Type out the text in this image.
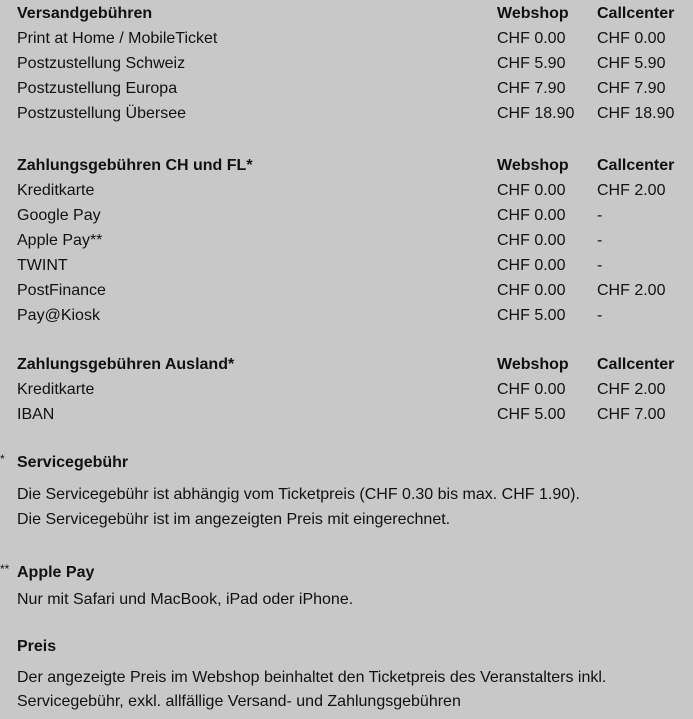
Versandgebühren	Webshop Callcenter
Print at Home / MobileTicket	CHF 0.00 CHF 0.00
Postzustellung Schweiz	CHF 5.90 CHF 5.90
Postzustellung Europa	CHF 7.90 CHF 7.90
Postzustellung Übersee	CHF 18.90 CHF 18.90
Zahlungsgebühren CH und FL*	Webshop Callcenter
Kreditkarte	CHF 0.00 CHF 2.00
Google Pay	CHF 0.00 -
Apple Pay**	CHF 0.00 -
TWINT	CHF 0.00 -
PostFinance	CHF 0.00 CHF 2.00
Pay@Kiosk	CHF 5.00 -
Zahlungsgebühren Ausland*	Webshop Callcenter
Kreditkarte	CHF 0.00 CHF 2.00
IBAN	CHF 5.00 CHF 7.00
* Servicegebühr
Die Servicegebühr ist abhängig vom Ticketpreis (CHF 0.30 bis max. CHF 1.90).
Die Servicegebühr ist im angezeigten Preis mit eingerechnet.
** Apple Pay
Nur mit Safari und MacBook, iPad oder iPhone.
Preis
Der angezeigte Preis im Webshop beinhaltet den Ticketpreis des Veranstalters inkl.
Servicegebühr, exkl. allfällige Versand- und Zahlungsgebühren
